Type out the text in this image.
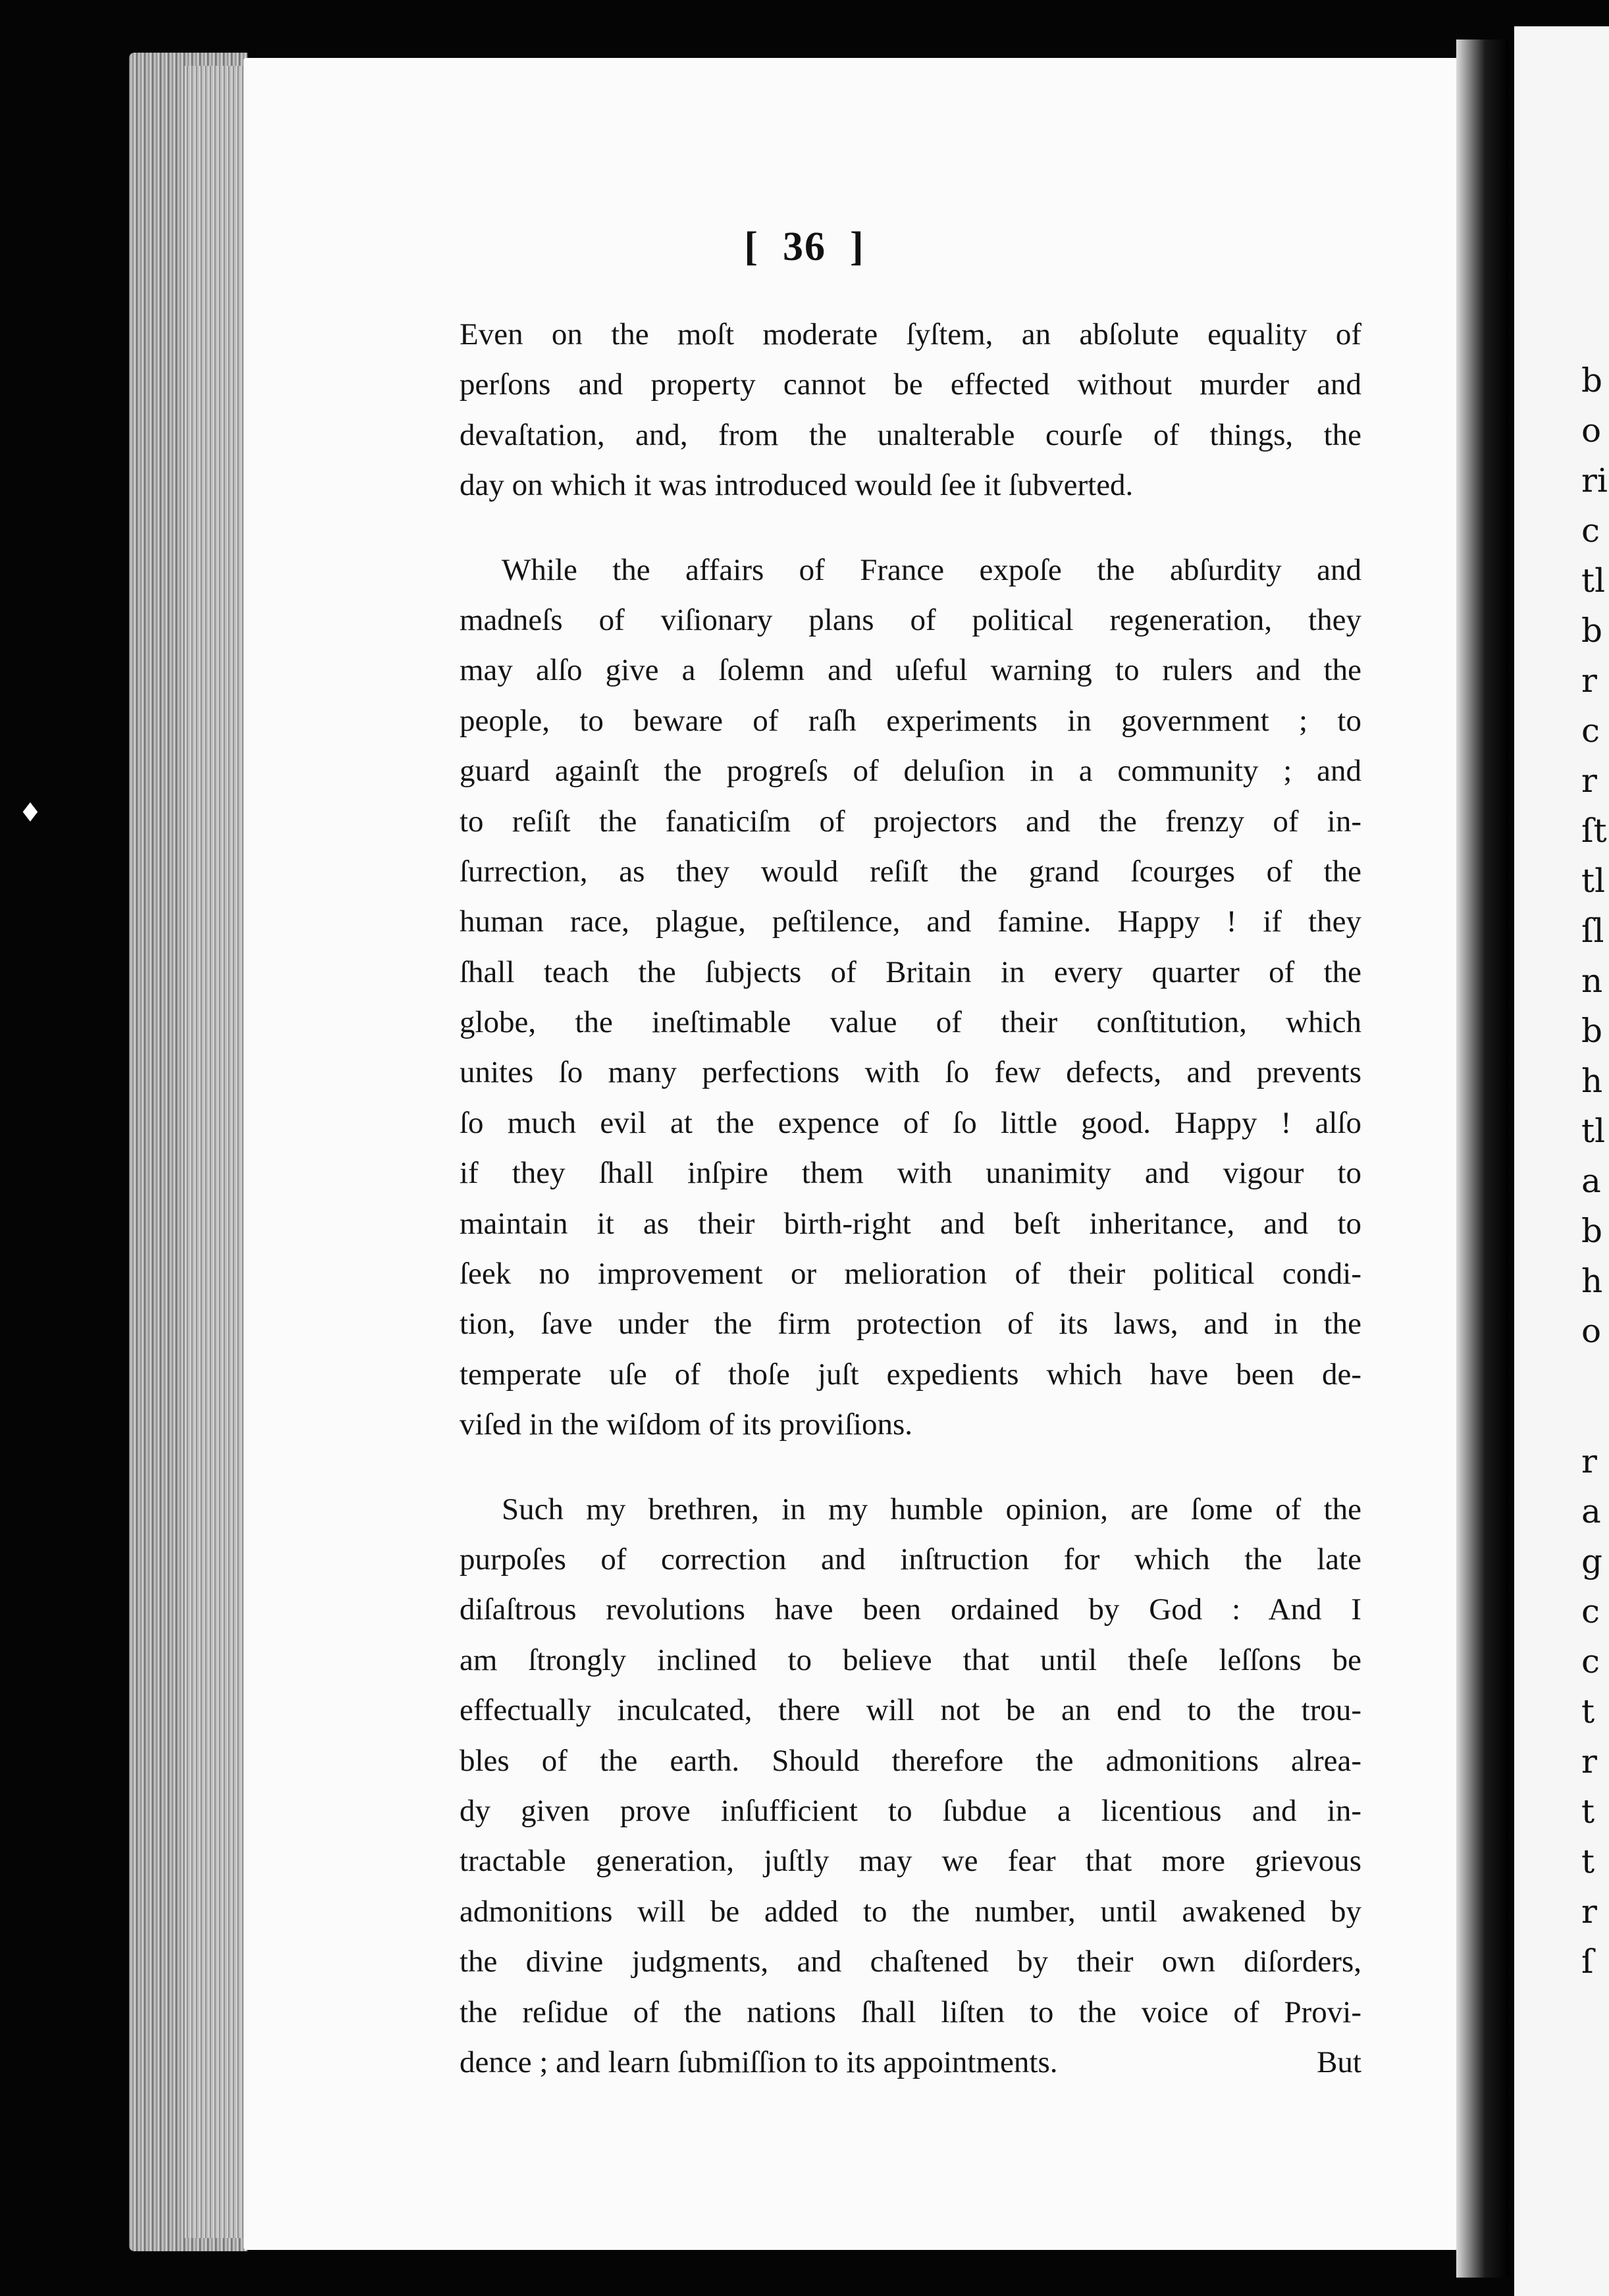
b
o
ri
c
tl
b
r
c
r
ſt
tl
ſl
n
b
h
tl
a
b
h
o
r
a
g
c
c
t
r
t
t
r
ſ
♦
[ 36 ]
Even on the moſt moderate ſyſtem, an abſolute equality of
perſons and property cannot be effected without murder and
devaſtation, and, from the unalterable courſe of things, the
day on which it was introduced would ſee it ſubverted.
While the affairs of France expoſe the abſurdity and
madneſs of viſionary plans of political regeneration, they
may alſo give a ſolemn and uſeful warning to rulers and the
people, to beware of raſh experiments in government ; to
guard againſt the progreſs of deluſion in a community ; and
to reſiſt the fanaticiſm of projectors and the frenzy of in-
ſurrection, as they would reſiſt the grand ſcourges of the
human race, plague, peſtilence, and famine. Happy ! if they
ſhall teach the ſubjects of Britain in every quarter of the
globe, the ineſtimable value of their conſtitution, which
unites ſo many perfections with ſo few defects, and prevents
ſo much evil at the expence of ſo little good. Happy ! alſo
if they ſhall inſpire them with unanimity and vigour to
maintain it as their birth-right and beſt inheritance, and to
ſeek no improvement or melioration of their political condi-
tion, ſave under the firm protection of its laws, and in the
temperate uſe of thoſe juſt expedients which have been de-
viſed in the wiſdom of its proviſions.
Such my brethren, in my humble opinion, are ſome of the
purpoſes of correction and inſtruction for which the late
diſaſtrous revolutions have been ordained by God : And I
am ſtrongly inclined to believe that until theſe leſſons be
effectually inculcated, there will not be an end to the trou-
bles of the earth. Should therefore the admonitions alrea-
dy given prove inſufficient to ſubdue a licentious and in-
tractable generation, juſtly may we fear that more grievous
admonitions will be added to the number, until awakened by
the divine judgments, and chaſtened by their own diſorders,
the reſidue of the nations ſhall liſten to the voice of Provi-
dence ; and learn ſubmiſſion to its appointments.	But
